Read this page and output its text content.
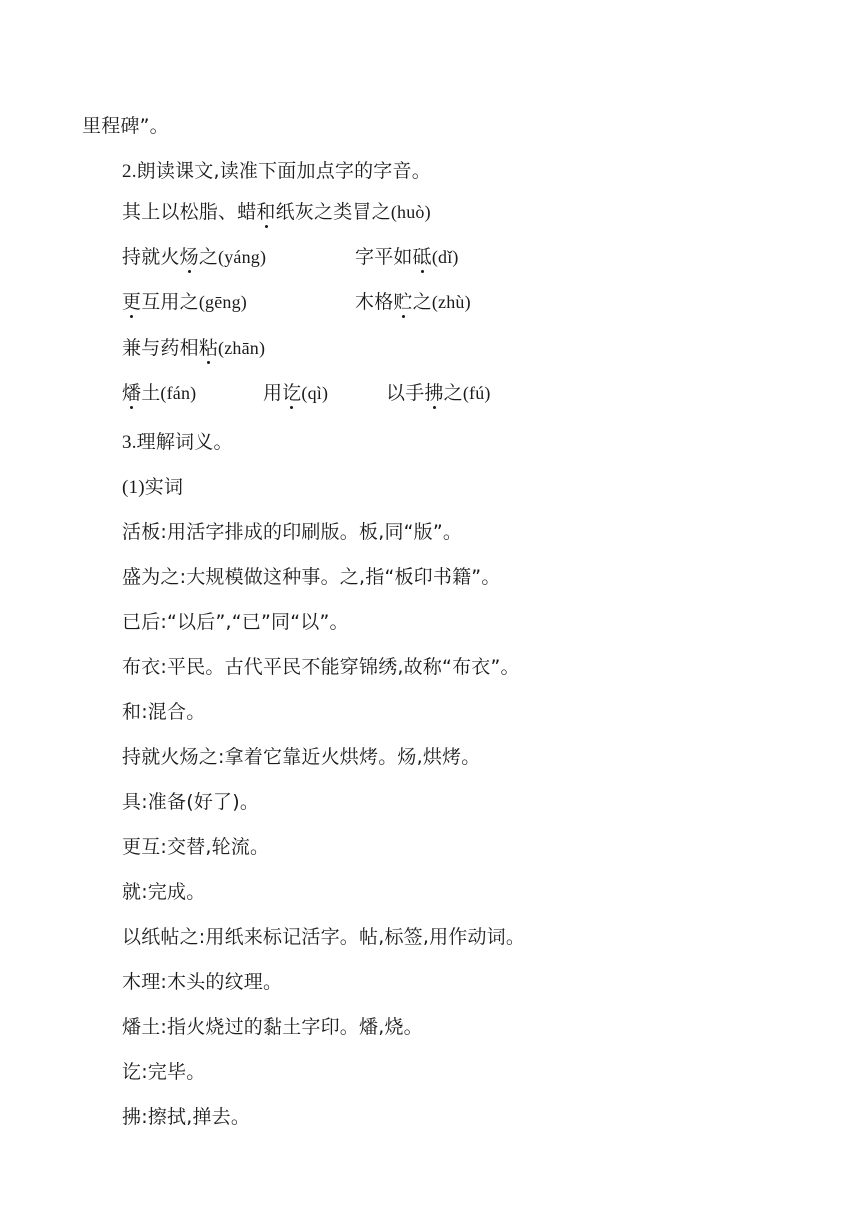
里程碑”。
2.朗读课文,读准下面加点字的字音。
其上以松脂、蜡和纸灰之类冒之(huò)
持就火炀之(yáng)	字平如砥(dǐ)
更互用之(gēng)	木格贮之(zhù)
兼与药相粘(zhān)
燔土(fán)	用讫(qì)	以手拂之(fú)
3.理解词义。
(1)实词
活板:用活字排成的印刷版。板,同“版”。
盛为之:大规模做这种事。之,指“板印书籍”。
已后:“以后”,“已”同“以”。
布衣:平民。古代平民不能穿锦绣,故称“布衣”。
和:混合。
持就火炀之:拿着它靠近火烘烤。炀,烘烤。
具:准备(好了)。
更互:交替,轮流。
就:完成。
以纸帖之:用纸来标记活字。帖,标签,用作动词。
木理:木头的纹理。
燔土:指火烧过的黏土字印。燔,烧。
讫:完毕。
拂:擦拭,掸去。
